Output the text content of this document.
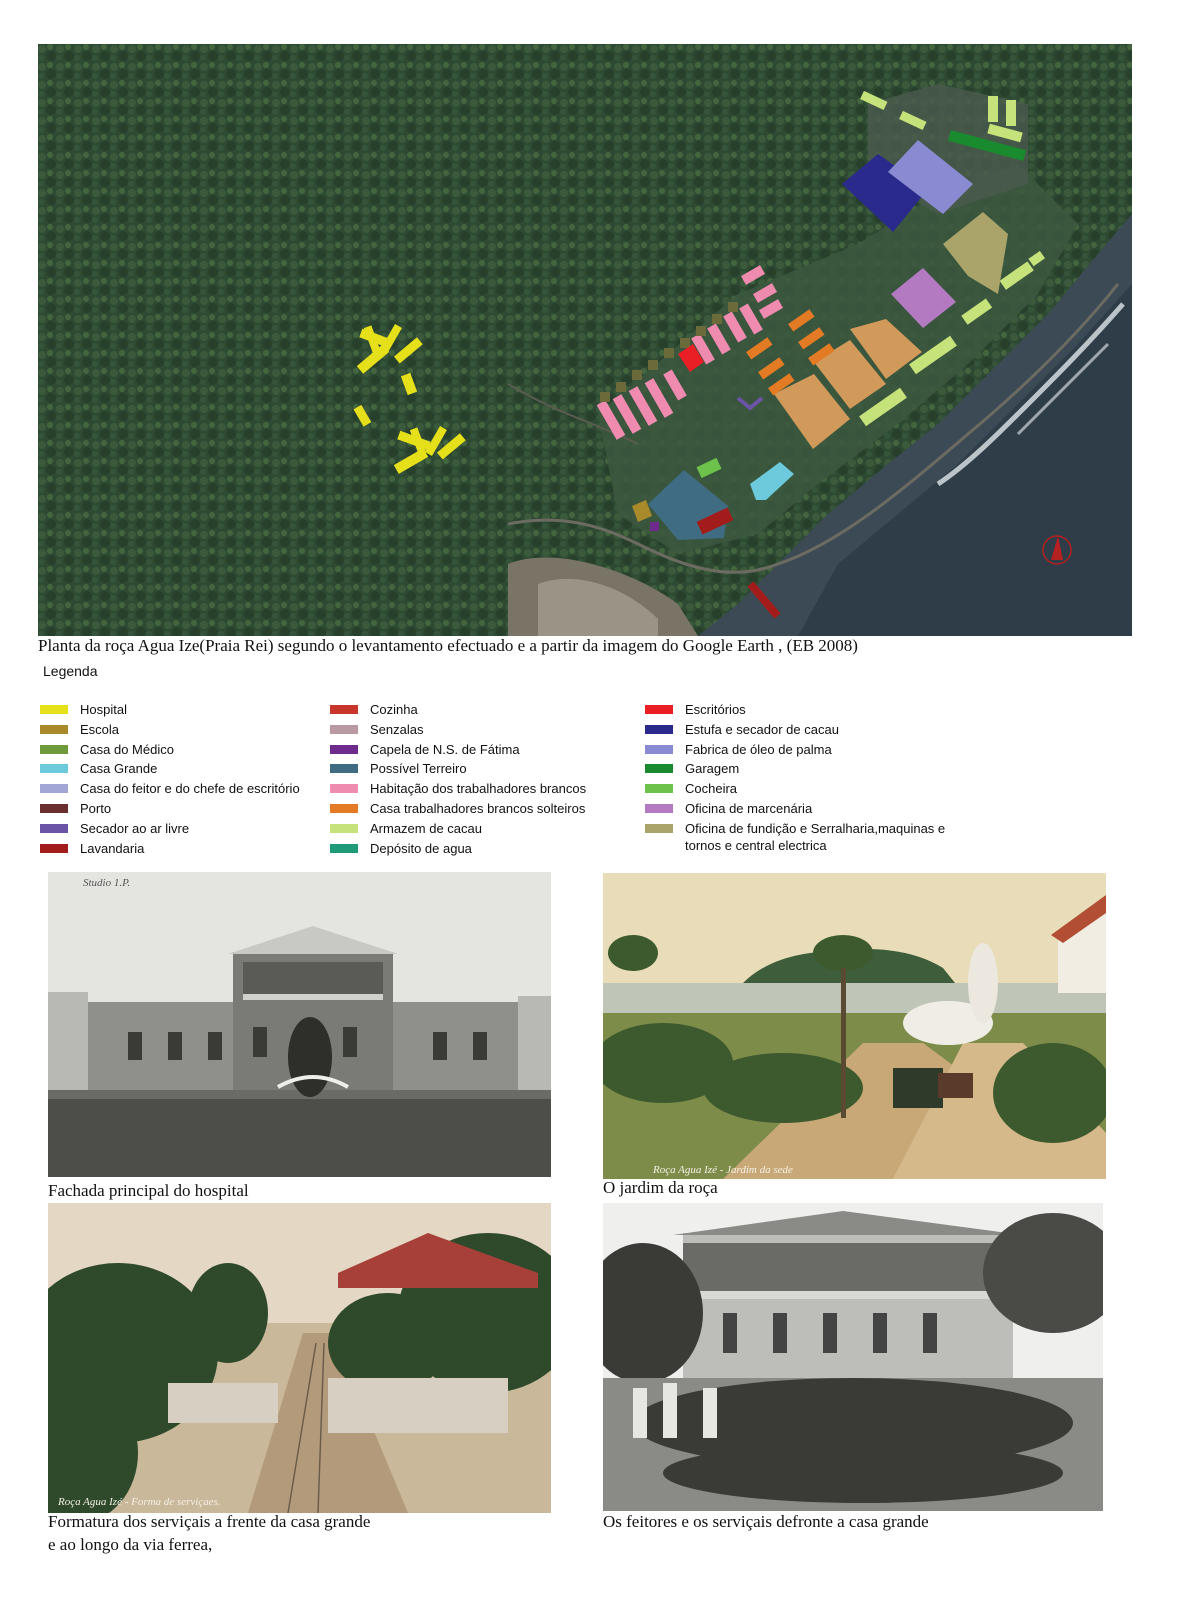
Planta da roça Agua Ize(Praia Rei) segundo o levantamento efectuado e a partir da imagem do Google Earth , (EB 2008)
Legenda
Hospital
Escola
Casa do Médico
Casa Grande
Casa do feitor e do chefe de escritório
Porto
Secador ao ar livre
Lavandaria
Cozinha
Senzalas
Capela de N.S. de Fátima
Possível Terreiro
Habitação dos trabalhadores brancos
Casa trabalhadores brancos solteiros
Armazem de cacau
Depósito de agua
Escritórios
Estufa e secador de cacau
Fabrica de óleo de palma
Garagem
Cocheira
Oficina de marcenária
Oficina de fundição e Serralharia,maquinas e
tornos e central electrica
Studio 1.P.
Fachada principal do hospital
Roça Agua Izé - Jardim da sede
O jardim da roça
Roça Agua Izé - Forma de serviçaes.
Formatura dos serviçais a frente da casa grande
e ao longo da via ferrea,
Os feitores e os serviçais defronte a casa grande
